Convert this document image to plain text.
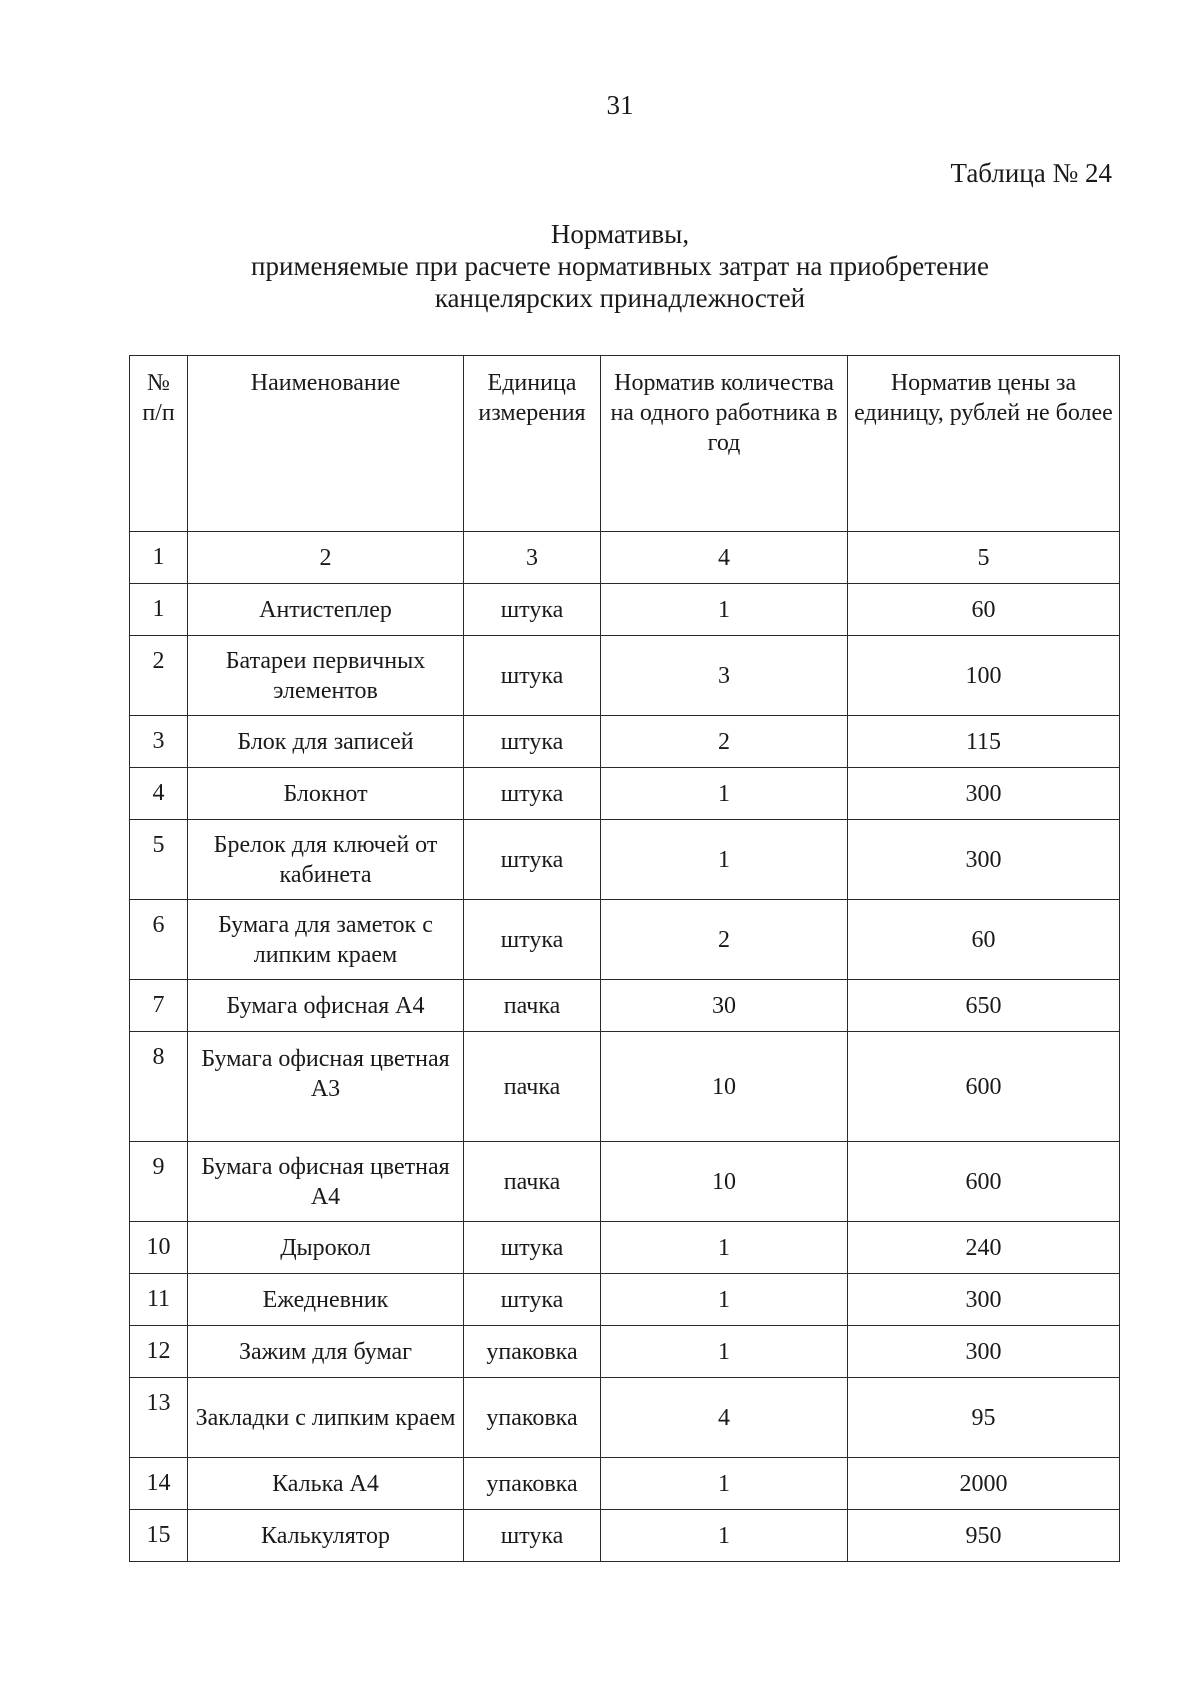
31
Таблица № 24
Нормативы,
применяемые при расчете нормативных затрат на приобретение
канцелярских принадлежностей
№ п/п	Наименование	Единица измерения	Норматив количества на одного работника в год	Норматив цены за единицу, рублей не более
1	2	3	4	5
1	Антистеплер	штука	1	60
2	Батареи первичных элементов	штука	3	100
3	Блок для записей	штука	2	115
4	Блокнот	штука	1	300
5	Брелок для ключей от кабинета	штука	1	300
6	Бумага для заметок с липким краем	штука	2	60
7	Бумага офисная А4	пачка	30	650
8	Бумага офисная цветная А3	пачка	10	600
9	Бумага офисная цветная А4	пачка	10	600
10	Дырокол	штука	1	240
11	Ежедневник	штука	1	300
12	Зажим для бумаг	упаковка	1	300
13	Закладки с липким краем	упаковка	4	95
14	Калька А4	упаковка	1	2000
15	Калькулятор	штука	1	950
